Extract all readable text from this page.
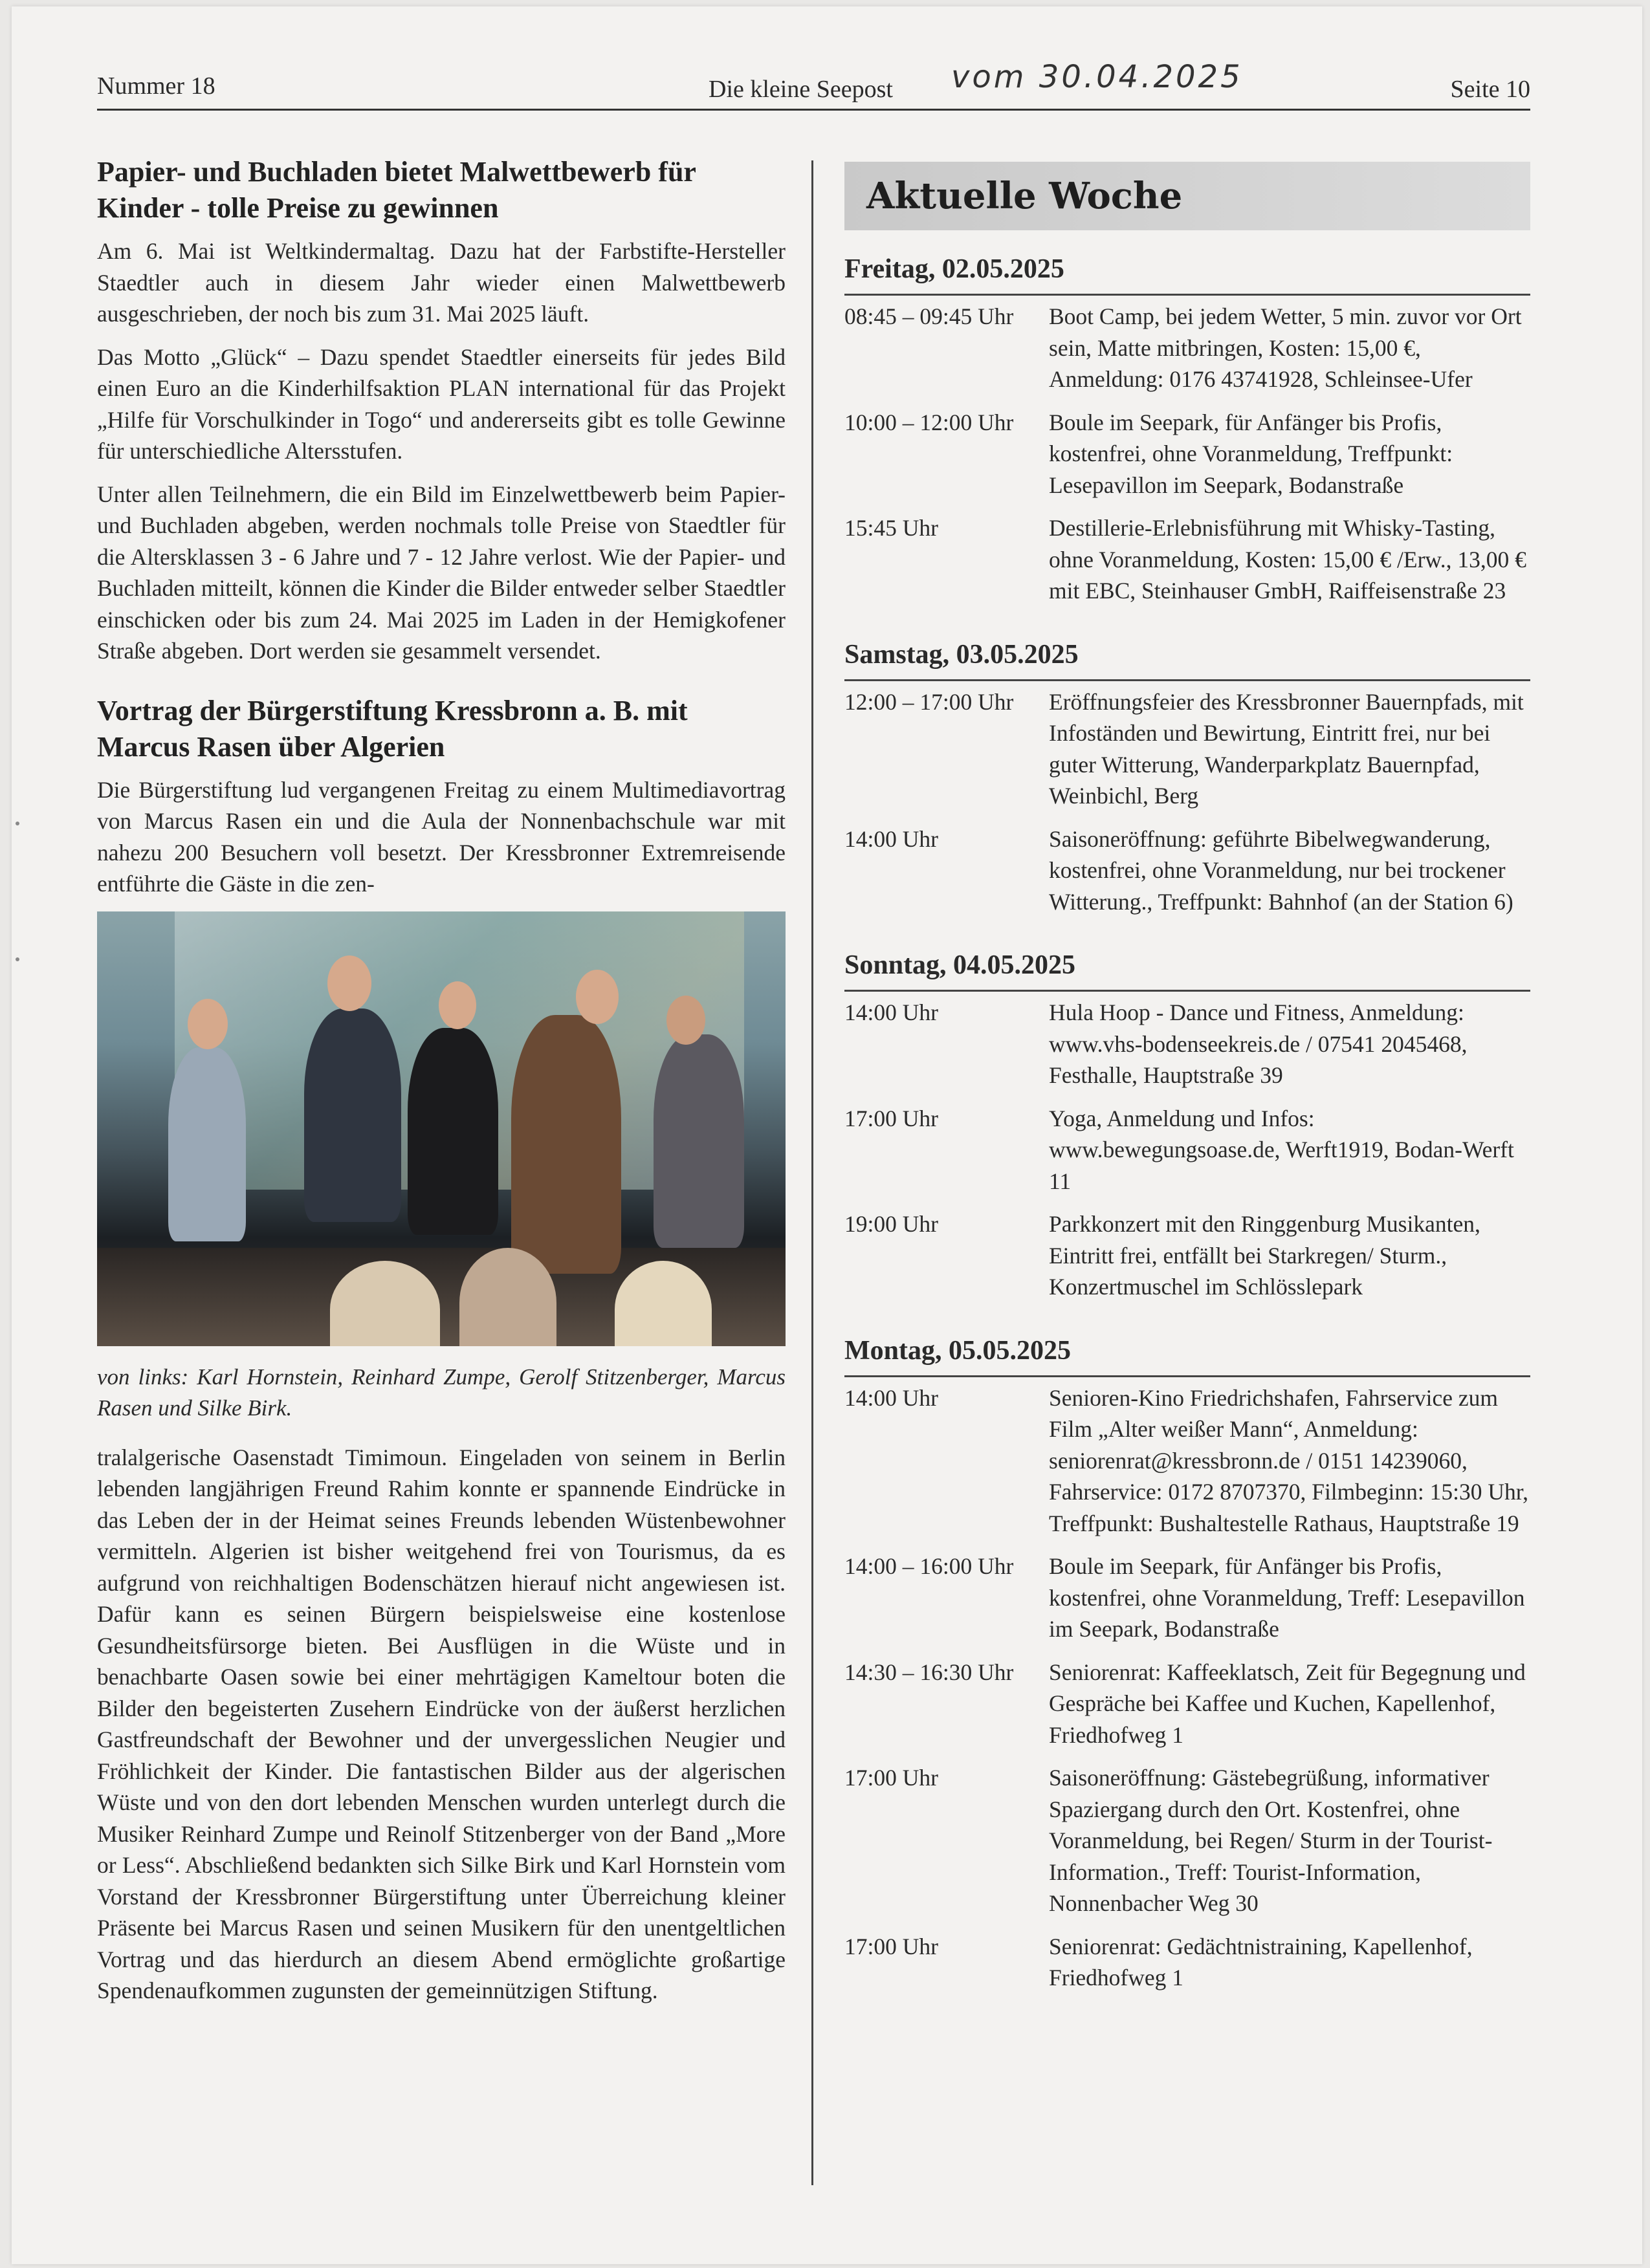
Nummer 18	Die kleine Seepost vom 30.04.2025	Seite 10
Papier- und Buchladen bietet Malwettbewerb für Kinder - tolle Preise zu gewinnen

Am 6. Mai ist Weltkindermaltag. Dazu hat der Farbstifte-Hersteller Staedtler auch in diesem Jahr wieder einen Malwettbewerb ausgeschrieben, der noch bis zum 31. Mai 2025 läuft.

Das Motto „Glück“ – Dazu spendet Staedtler einerseits für jedes Bild einen Euro an die Kinderhilfsaktion PLAN international für das Projekt „Hilfe für Vorschulkinder in Togo“ und andererseits gibt es tolle Gewinne für unterschiedliche Altersstufen.

Unter allen Teilnehmern, die ein Bild im Einzelwettbewerb beim Papier- und Buchladen abgeben, werden nochmals tolle Preise von Staedtler für die Altersklassen 3 - 6 Jahre und 7 - 12 Jahre verlost. Wie der Papier- und Buchladen mitteilt, können die Kinder die Bilder entweder selber Staedtler einschicken oder bis zum 24. Mai 2025 im Laden in der Hemigkofener Straße abgeben. Dort werden sie gesammelt versendet.

Vortrag der Bürgerstiftung Kressbronn a. B. mit Marcus Rasen über Algerien

Die Bürgerstiftung lud vergangenen Freitag zu einem Multimediavortrag von Marcus Rasen ein und die Aula der Nonnenbachschule war mit nahezu 200 Besuchern voll besetzt. Der Kressbronner Extremreisende entführte die Gäste in die zen-

von links: Karl Hornstein, Reinhard Zumpe, Gerolf Stitzenberger, Marcus Rasen und Silke Birk.

tralalgerische Oasenstadt Timimoun. Eingeladen von seinem in Berlin lebenden langjährigen Freund Rahim konnte er spannende Eindrücke in das Leben der in der Heimat seines Freunds lebenden Wüstenbewohner vermitteln. Algerien ist bisher weitgehend frei von Tourismus, da es aufgrund von reichhaltigen Bodenschätzen hierauf nicht angewiesen ist. Dafür kann es seinen Bürgern beispielsweise eine kostenlose Gesundheitsfürsorge bieten. Bei Ausflügen in die Wüste und in benachbarte Oasen sowie bei einer mehrtägigen Kameltour boten die Bilder den begeisterten Zusehern Eindrücke von der äußerst herzlichen Gastfreundschaft der Bewohner und der unvergesslichen Neugier und Fröhlichkeit der Kinder. Die fantastischen Bilder aus der algerischen Wüste und von den dort lebenden Menschen wurden unterlegt durch die Musiker Reinhard Zumpe und Reinolf Stitzenberger von der Band „More or Less“. Abschließend bedankten sich Silke Birk und Karl Hornstein vom Vorstand der Kressbronner Bürgerstiftung unter Überreichung kleiner Präsente bei Marcus Rasen und seinen Musikern für den unentgeltlichen Vortrag und das hierdurch an diesem Abend ermöglichte großartige Spendenaufkommen zugunsten der gemeinnützigen Stiftung.

Aktuelle Woche
Freitag, 02.05.2025
08:45 – 09:45 Uhr	Boot Camp, bei jedem Wetter, 5 min. zuvor vor Ort sein, Matte mitbringen, Kosten: 15,00 €, Anmeldung: 0176 43741928, Schleinsee-Ufer
10:00 – 12:00 Uhr	Boule im Seepark, für Anfänger bis Profis, kostenfrei, ohne Voranmeldung, Treffpunkt: Lesepavillon im Seepark, Bodanstraße
15:45 Uhr	Destillerie-Erlebnisführung mit Whisky-Tasting, ohne Voranmeldung, Kosten: 15,00 € /Erw., 13,00 € mit EBC, Steinhauser GmbH, Raiffeisenstraße 23
Samstag, 03.05.2025
12:00 – 17:00 Uhr	Eröffnungsfeier des Kressbronner Bauernpfads, mit Infoständen und Bewirtung, Eintritt frei, nur bei guter Witterung, Wanderparkplatz Bauernpfad, Weinbichl, Berg
14:00 Uhr	Saisoneröffnung: geführte Bibelwegwanderung, kostenfrei, ohne Voranmeldung, nur bei trockener Witterung., Treffpunkt: Bahnhof (an der Station 6)
Sonntag, 04.05.2025
14:00 Uhr	Hula Hoop - Dance und Fitness, Anmeldung: www.vhs-bodenseekreis.de / 07541 2045468, Festhalle, Hauptstraße 39
17:00 Uhr	Yoga, Anmeldung und Infos: www.bewegungsoase.de, Werft1919, Bodan-Werft 11
19:00 Uhr	Parkkonzert mit den Ringgenburg Musikanten, Eintritt frei, entfällt bei Starkregen/ Sturm., Konzertmuschel im Schlösslepark
Montag, 05.05.2025
14:00 Uhr	Senioren-Kino Friedrichshafen, Fahrservice zum Film „Alter weißer Mann“, Anmeldung: seniorenrat@kressbronn.de / 0151 14239060, Fahrservice: 0172 8707370, Filmbeginn: 15:30 Uhr, Treffpunkt: Bushaltestelle Rathaus, Hauptstraße 19
14:00 – 16:00 Uhr	Boule im Seepark, für Anfänger bis Profis, kostenfrei, ohne Voranmeldung, Treff: Lesepavillon im Seepark, Bodanstraße
14:30 – 16:30 Uhr	Seniorenrat: Kaffeeklatsch, Zeit für Begegnung und Gespräche bei Kaffee und Kuchen, Kapellenhof, Friedhofweg 1
17:00 Uhr	Saisoneröffnung: Gästebegrüßung, informativer Spaziergang durch den Ort. Kostenfrei, ohne Voranmeldung, bei Regen/ Sturm in der Tourist-Information., Treff: Tourist-Information, Nonnenbacher Weg 30
17:00 Uhr	Seniorenrat: Gedächtnistraining, Kapellenhof, Friedhofweg 1
